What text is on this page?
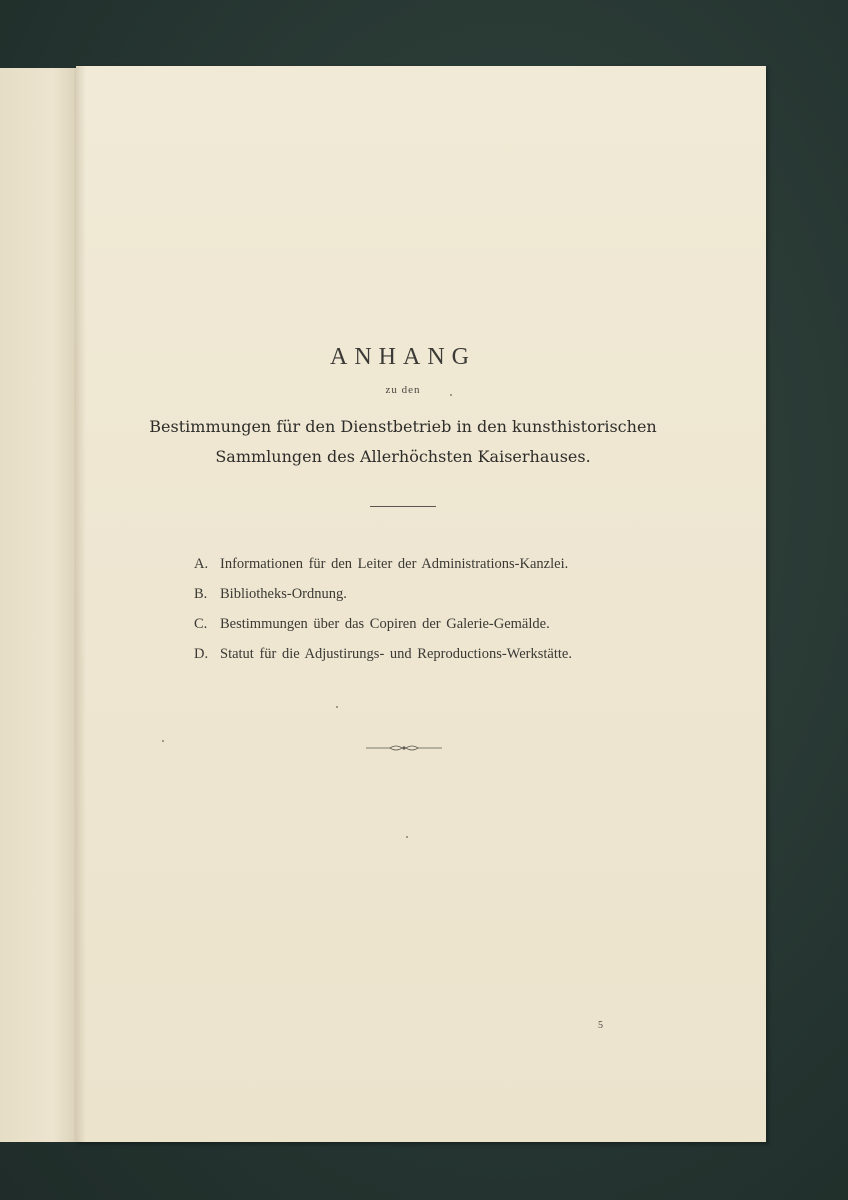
ANHANG
zu den
Bestimmungen für den Dienstbetrieb in den kunsthistorischen
Sammlungen des Allerhöchsten Kaiserhauses.
A. Informationen für den Leiter der Administrations-Kanzlei.
B. Bibliotheks-Ordnung.
C. Bestimmungen über das Copiren der Galerie-Gemälde.
D. Statut für die Adjustirungs- und Reproductions-Werkstätte.
5
